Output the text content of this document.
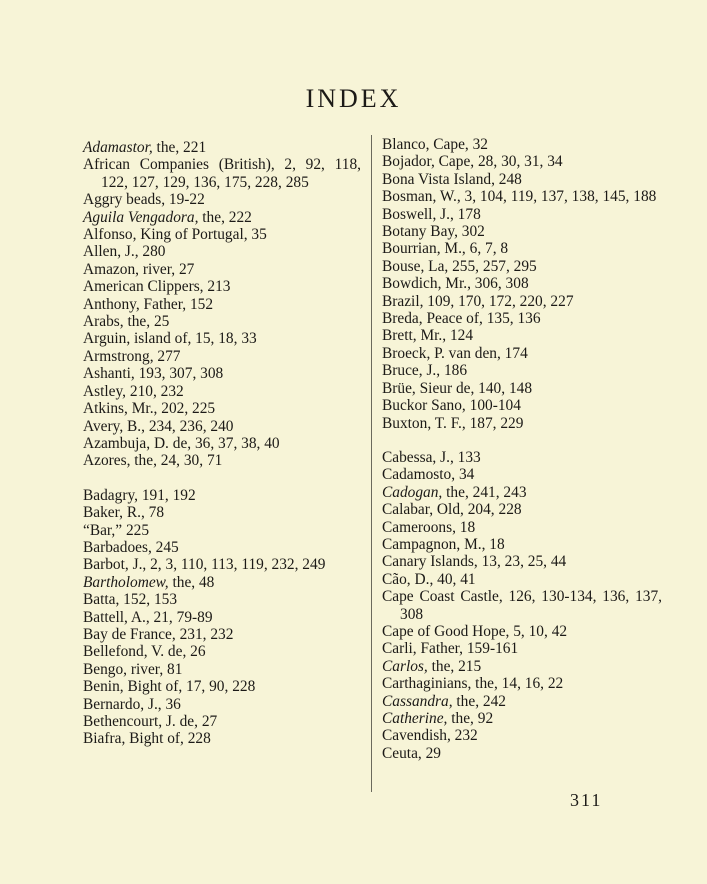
INDEX
Adamastor, the, 221
African Companies (British), 2, 92, 118, 122, 127, 129, 136, 175, 228, 285
Aggry beads, 19-22
Aguila Vengadora, the, 222
Alfonso, King of Portugal, 35
Allen, J., 280
Amazon, river, 27
American Clippers, 213
Anthony, Father, 152
Arabs, the, 25
Arguin, island of, 15, 18, 33
Armstrong, 277
Ashanti, 193, 307, 308
Astley, 210, 232
Atkins, Mr., 202, 225
Avery, B., 234, 236, 240
Azambuja, D. de, 36, 37, 38, 40
Azores, the, 24, 30, 71
Badagry, 191, 192
Baker, R., 78
“Bar,” 225
Barbadoes, 245
Barbot, J., 2, 3, 110, 113, 119, 232, 249
Bartholomew, the, 48
Batta, 152, 153
Battell, A., 21, 79-89
Bay de France, 231, 232
Bellefond, V. de, 26
Bengo, river, 81
Benin, Bight of, 17, 90, 228
Bernardo, J., 36
Bethencourt, J. de, 27
Biafra, Bight of, 228
Blanco, Cape, 32
Bojador, Cape, 28, 30, 31, 34
Bona Vista Island, 248
Bosman, W., 3, 104, 119, 137, 138, 145, 188
Boswell, J., 178
Botany Bay, 302
Bourrian, M., 6, 7, 8
Bouse, La, 255, 257, 295
Bowdich, Mr., 306, 308
Brazil, 109, 170, 172, 220, 227
Breda, Peace of, 135, 136
Brett, Mr., 124
Broeck, P. van den, 174
Bruce, J., 186
Brüe, Sieur de, 140, 148
Buckor Sano, 100-104
Buxton, T. F., 187, 229
Cabessa, J., 133
Cadamosto, 34
Cadogan, the, 241, 243
Calabar, Old, 204, 228
Cameroons, 18
Campagnon, M., 18
Canary Islands, 13, 23, 25, 44
Cão, D., 40, 41
Cape Coast Castle, 126, 130-134, 136, 137, 308
Cape of Good Hope, 5, 10, 42
Carli, Father, 159-161
Carlos, the, 215
Carthaginians, the, 14, 16, 22
Cassandra, the, 242
Catherine, the, 92
Cavendish, 232
Ceuta, 29
311
